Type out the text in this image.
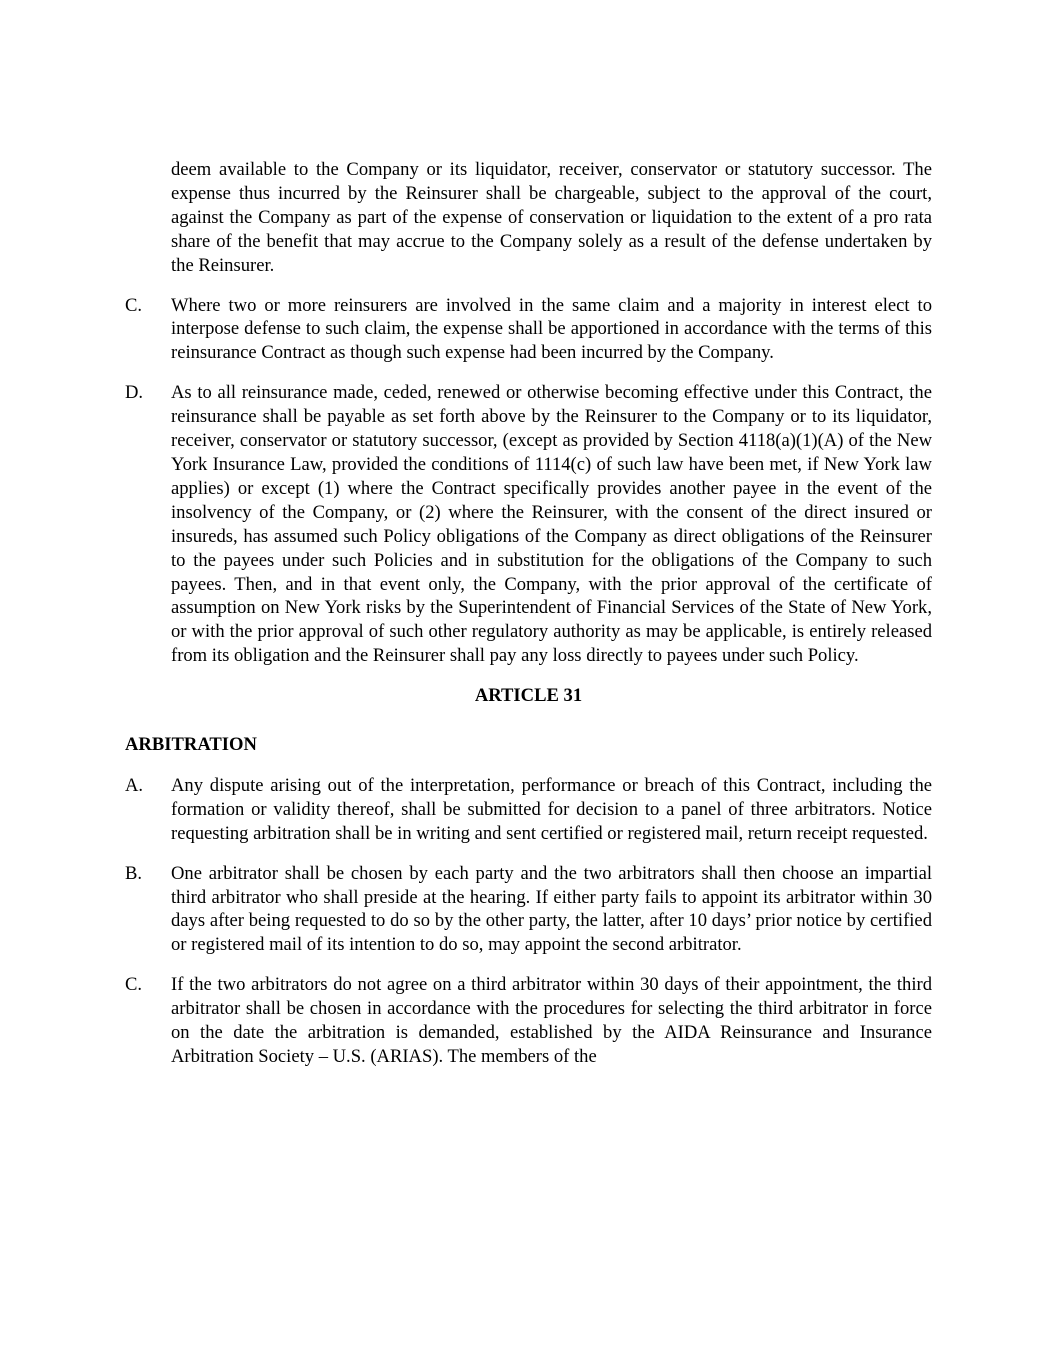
deem available to the Company or its liquidator, receiver, conservator or statutory successor. The expense thus incurred by the Reinsurer shall be chargeable, subject to the approval of the court, against the Company as part of the expense of conservation or liquidation to the extent of a pro rata share of the benefit that may accrue to the Company solely as a result of the defense undertaken by the Reinsurer.
C. Where two or more reinsurers are involved in the same claim and a majority in interest elect to interpose defense to such claim, the expense shall be apportioned in accordance with the terms of this reinsurance Contract as though such expense had been incurred by the Company.
D. As to all reinsurance made, ceded, renewed or otherwise becoming effective under this Contract, the reinsurance shall be payable as set forth above by the Reinsurer to the Company or to its liquidator, receiver, conservator or statutory successor, (except as provided by Section 4118(a)(1)(A) of the New York Insurance Law, provided the conditions of 1114(c) of such law have been met, if New York law applies) or except (1) where the Contract specifically provides another payee in the event of the insolvency of the Company, or (2) where the Reinsurer, with the consent of the direct insured or insureds, has assumed such Policy obligations of the Company as direct obligations of the Reinsurer to the payees under such Policies and in substitution for the obligations of the Company to such payees. Then, and in that event only, the Company, with the prior approval of the certificate of assumption on New York risks by the Superintendent of Financial Services of the State of New York, or with the prior approval of such other regulatory authority as may be applicable, is entirely released from its obligation and the Reinsurer shall pay any loss directly to payees under such Policy.
ARTICLE 31
ARBITRATION
A. Any dispute arising out of the interpretation, performance or breach of this Contract, including the formation or validity thereof, shall be submitted for decision to a panel of three arbitrators. Notice requesting arbitration shall be in writing and sent certified or registered mail, return receipt requested.
B. One arbitrator shall be chosen by each party and the two arbitrators shall then choose an impartial third arbitrator who shall preside at the hearing. If either party fails to appoint its arbitrator within 30 days after being requested to do so by the other party, the latter, after 10 days’ prior notice by certified or registered mail of its intention to do so, may appoint the second arbitrator.
C. If the two arbitrators do not agree on a third arbitrator within 30 days of their appointment, the third arbitrator shall be chosen in accordance with the procedures for selecting the third arbitrator in force on the date the arbitration is demanded, established by the AIDA Reinsurance and Insurance Arbitration Society – U.S. (ARIAS). The members of the
